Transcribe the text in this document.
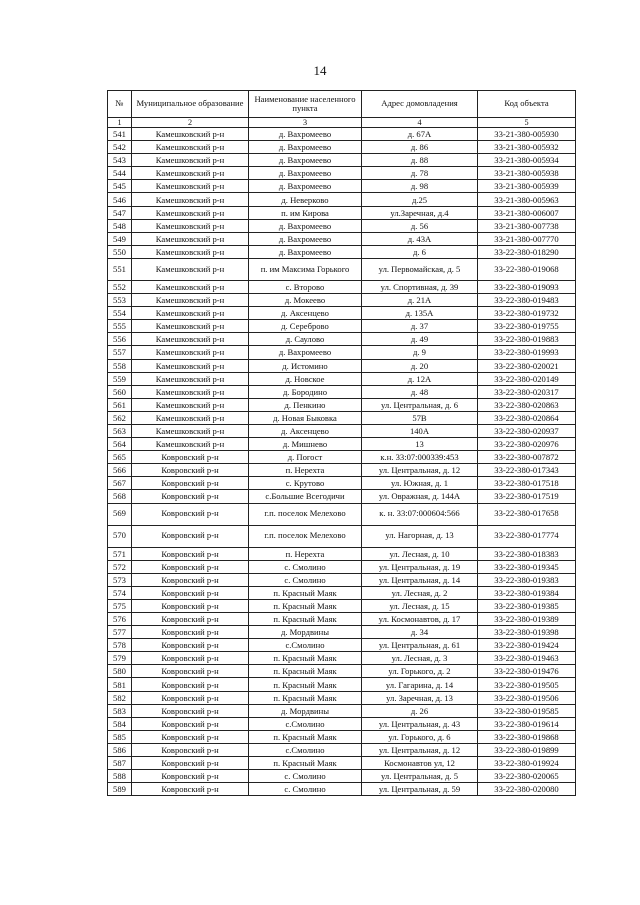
14
№	Муниципальное образование	Наименование населенного пункта	Адрес домовладения	Код объекта
1	2	3	4	5
541	Камешковский р-н	д. Вахромеево	д. 67А	33-21-380-005930
542	Камешковский р-н	д. Вахромеево	д. 86	33-21-380-005932
543	Камешковский р-н	д. Вахромеево	д. 88	33-21-380-005934
544	Камешковский р-н	д. Вахромеево	д. 78	33-21-380-005938
545	Камешковский р-н	д. Вахромеево	д. 98	33-21-380-005939
546	Камешковский р-н	д. Неверково	д.25	33-21-380-005963
547	Камешковский р-н	п. им Кирова	ул.Заречная, д.4	33-21-380-006007
548	Камешковский р-н	д. Вахромеево	д. 56	33-21-380-007738
549	Камешковский р-н	д. Вахромеево	д. 43А	33-21-380-007770
550	Камешковский р-н	д. Вахромеево	д. 6	33-22-380-018290
551	Камешковский р-н	п. им Максима Горького	ул. Первомайская, д. 5	33-22-380-019068
552	Камешковский р-н	с. Второво	ул. Спортивная, д. 39	33-22-380-019093
553	Камешковский р-н	д. Мокеево	д. 21А	33-22-380-019483
554	Камешковский р-н	д. Аксенцево	д. 135А	33-22-380-019732
555	Камешковский р-н	д. Сереброво	д. 37	33-22-380-019755
556	Камешковский р-н	д. Саулово	д. 49	33-22-380-019883
557	Камешковский р-н	д. Вахромеево	д. 9	33-22-380-019993
558	Камешковский р-н	д. Истомино	д. 20	33-22-380-020021
559	Камешковский р-н	д. Новское	д. 12А	33-22-380-020149
560	Камешковский р-н	д. Бородино	д. 48	33-22-380-020317
561	Камешковский р-н	д. Пенкино	ул. Центральная, д. 6	33-22-380-020863
562	Камешковский р-н	д. Новая Быковка	57В	33-22-380-020864
563	Камешковский р-н	д. Аксенцево	140А	33-22-380-020937
564	Камешковский р-н	д. Мишнево	13	33-22-380-020976
565	Ковровский р-н	д. Погост	к.н. 33:07:000339:453	33-22-380-007872
566	Ковровский р-н	п. Нерехта	ул. Центральная, д. 12	33-22-380-017343
567	Ковровский р-н	с. Крутово	ул. Южная, д. 1	33-22-380-017518
568	Ковровский р-н	с.Большие Всегодичи	ул. Овражная, д. 144А	33-22-380-017519
569	Ковровский р-н	г.п. поселок Мелехово	к. н. 33:07:000604:566	33-22-380-017658
570	Ковровский р-н	г.п. поселок Мелехово	ул. Нагорная, д. 13	33-22-380-017774
571	Ковровский р-н	п. Нерехта	ул. Лесная, д. 10	33-22-380-018383
572	Ковровский р-н	с. Смолино	ул. Центральная, д. 19	33-22-380-019345
573	Ковровский р-н	с. Смолино	ул. Центральная, д. 14	33-22-380-019383
574	Ковровский р-н	п. Красный Маяк	ул. Лесная, д. 2	33-22-380-019384
575	Ковровский р-н	п. Красный Маяк	ул. Лесная, д. 15	33-22-380-019385
576	Ковровский р-н	п. Красный Маяк	ул. Космонавтов, д. 17	33-22-380-019389
577	Ковровский р-н	д. Мордвины	д. 34	33-22-380-019398
578	Ковровский р-н	с.Смолино	ул. Центральная, д. 61	33-22-380-019424
579	Ковровский р-н	п. Красный Маяк	ул. Лесная, д. 3	33-22-380-019463
580	Ковровский р-н	п. Красный Маяк	ул. Горького, д. 2	33-22-380-019476
581	Ковровский р-н	п. Красный Маяк	ул. Гагарина, д. 14	33-22-380-019505
582	Ковровский р-н	п. Красный Маяк	ул. Заречная, д. 13	33-22-380-019506
583	Ковровский р-н	д. Мордвины	д. 26	33-22-380-019585
584	Ковровский р-н	с.Смолино	ул. Центральная, д. 43	33-22-380-019614
585	Ковровский р-н	п. Красный Маяк	ул. Горького, д. 6	33-22-380-019868
586	Ковровский р-н	с.Смолино	ул. Центральная, д. 12	33-22-380-019899
587	Ковровский р-н	п. Красный Маяк	Космонавтов ул, 12	33-22-380-019924
588	Ковровский р-н	с. Смолино	ул. Центральная, д. 5	33-22-380-020065
589	Ковровский р-н	с. Смолино	ул. Центральная, д. 59	33-22-380-020080
